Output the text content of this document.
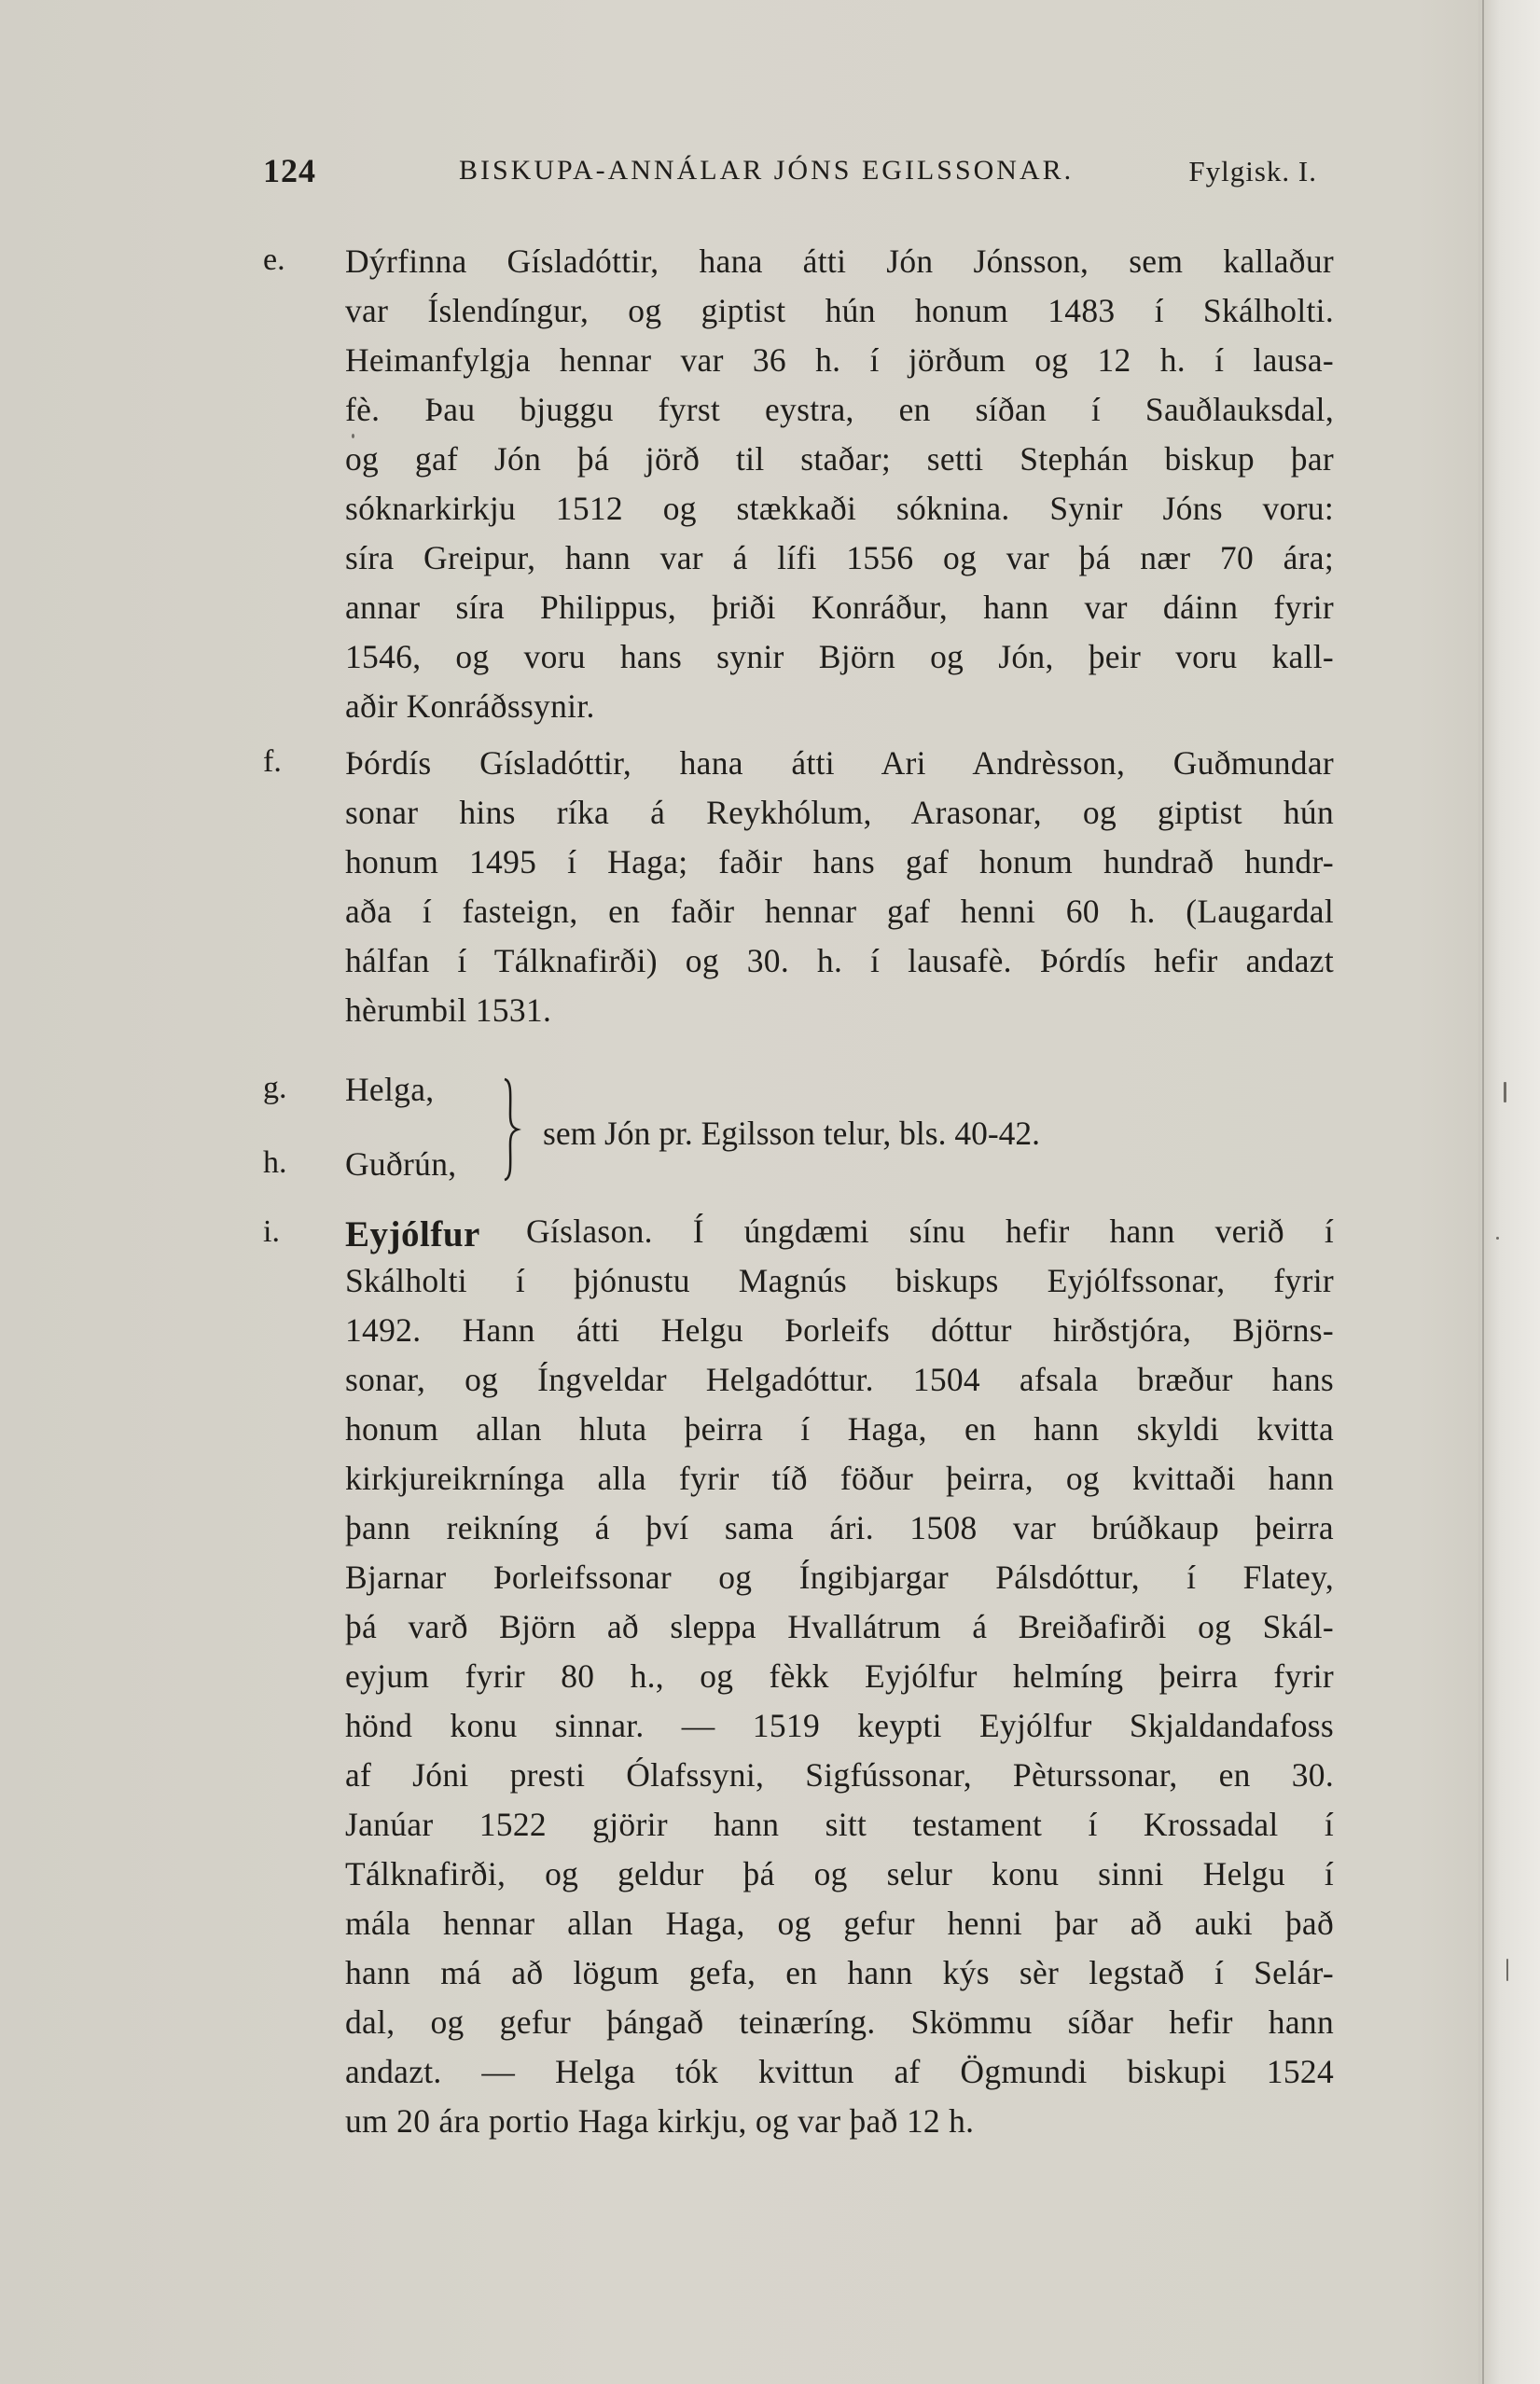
124	BISKUPA-ANNÁLAR JÓNS EGILSSONAR.	Fylgisk. I.
e. Dýrfinna Gísladóttir, hana átti Jón Jónsson, sem kallaður
var Íslendíngur, og giptist hún honum 1483 í Skálholti.
Heimanfylgja hennar var 36 h. í jörðum og 12 h. í lausa-
fè. Þau bjuggu fyrst eystra, en síðan í Sauðlauksdal,
og gaf Jón þá jörð til staðar; setti Stephán biskup þar
sóknarkirkju 1512 og stækkaði sóknina. Synir Jóns voru:
síra Greipur, hann var á lífi 1556 og var þá nær 70 ára;
annar síra Philippus, þriði Konráður, hann var dáinn fyrir
1546, og voru hans synir Björn og Jón, þeir voru kall-
aðir Konráðssynir.
f. Þórdís Gísladóttir, hana átti Ari Andrèsson, Guðmundar
sonar hins ríka á Reykhólum, Arasonar, og giptist hún
honum 1495 í Haga; faðir hans gaf honum hundrað hundr-
aða í fasteign, en faðir hennar gaf henni 60 h. (Laugardal
hálfan í Tálknafirði) og 30. h. í lausafè. Þórdís hefir andazt
hèrumbil 1531.
g. Helga,
h. Guðrún,
sem Jón pr. Egilsson telur, bls. 40-42.
i. Eyjólfur Gíslason. Í úngdæmi sínu hefir hann verið í
Skálholti í þjónustu Magnús biskups Eyjólfssonar, fyrir
1492. Hann átti Helgu Þorleifs dóttur hirðstjóra, Björns-
sonar, og Íngveldar Helgadóttur. 1504 afsala bræður hans
honum allan hluta þeirra í Haga, en hann skyldi kvitta
kirkjureikrnínga alla fyrir tíð föður þeirra, og kvittaði hann
þann reikníng á því sama ári. 1508 var brúðkaup þeirra
Bjarnar Þorleifssonar og Íngibjargar Pálsdóttur, í Flatey,
þá varð Björn að sleppa Hvallátrum á Breiðafirði og Skál-
eyjum fyrir 80 h., og fèkk Eyjólfur helmíng þeirra fyrir
hönd konu sinnar. — 1519 keypti Eyjólfur Skjaldandafoss
af Jóni presti Ólafssyni, Sigfússonar, Pèturssonar, en 30.
Janúar 1522 gjörir hann sitt testament í Krossadal í
Tálknafirði, og geldur þá og selur konu sinni Helgu í
mála hennar allan Haga, og gefur henni þar að auki það
hann má að lögum gefa, en hann kýs sèr legstað í Selár-
dal, og gefur þángað teinæríng. Skömmu síðar hefir hann
andazt. — Helga tók kvittun af Ögmundi biskupi 1524
um 20 ára portio Haga kirkju, og var það 12 h.
